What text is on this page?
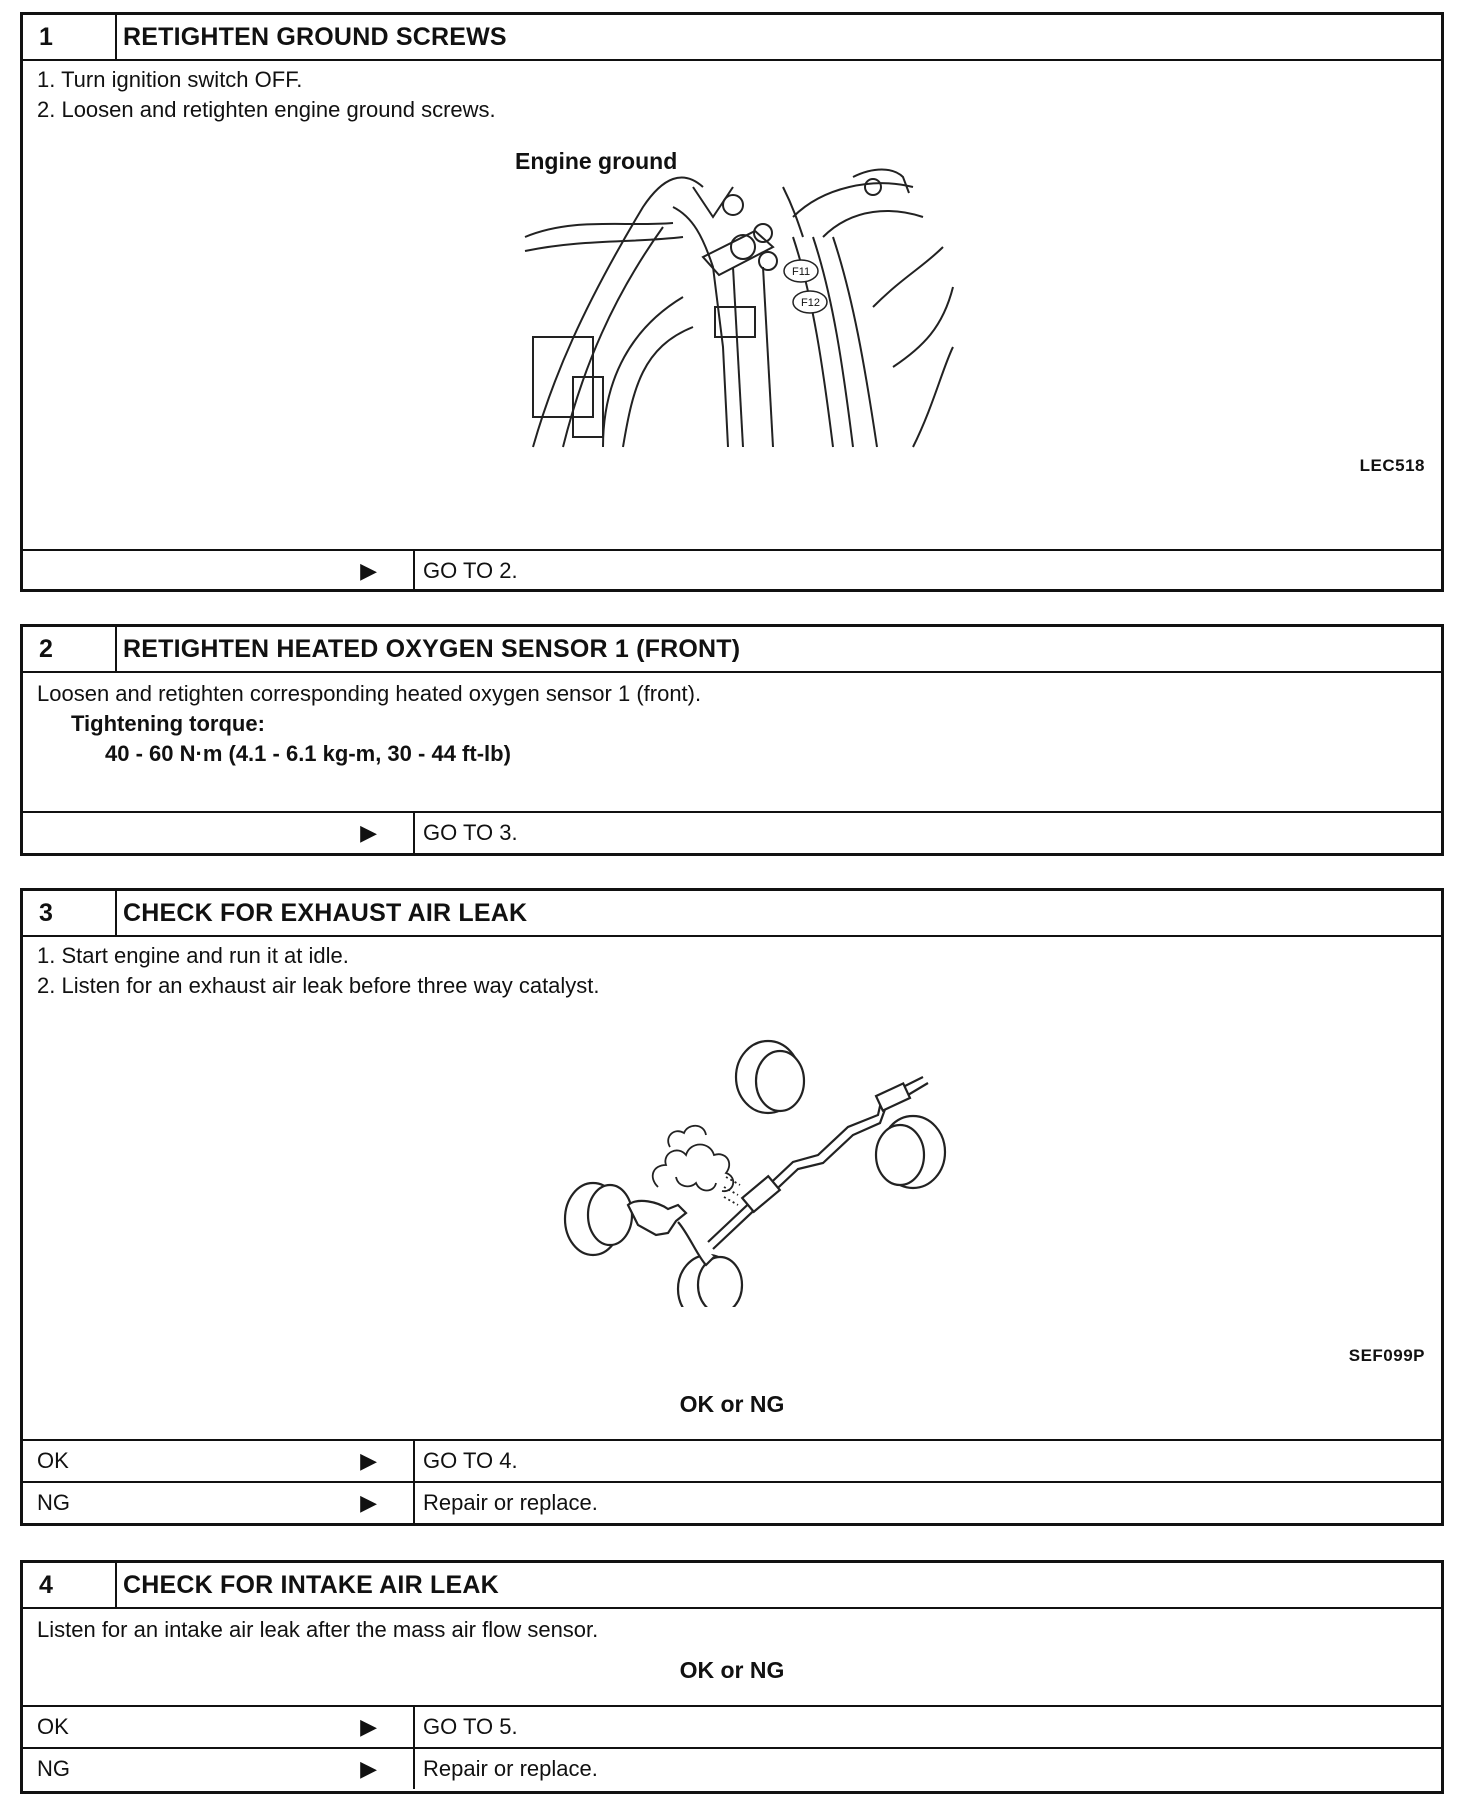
1	RETIGHTEN GROUND SCREWS

1. Turn ignition switch OFF.

2. Loosen and retighten engine ground screws.

Engine ground
F11
F12
LEC518
▶	GO TO 2.
2	RETIGHTEN HEATED OXYGEN SENSOR 1 (FRONT)

Loosen and retighten corresponding heated oxygen sensor 1 (front).

Tightening torque:

40 - 60 N·m (4.1 - 6.1 kg-m, 30 - 44 ft-lb)

▶	GO TO 3.
3	CHECK FOR EXHAUST AIR LEAK

1. Start engine and run it at idle.

2. Listen for an exhaust air leak before three way catalyst.

SEF099P

OK or NG

OK	▶	GO TO 4.
NG	▶	Repair or replace.
4	CHECK FOR INTAKE AIR LEAK

Listen for an intake air leak after the mass air flow sensor.

OK or NG

OK	▶	GO TO 5.
NG	▶	Repair or replace.
